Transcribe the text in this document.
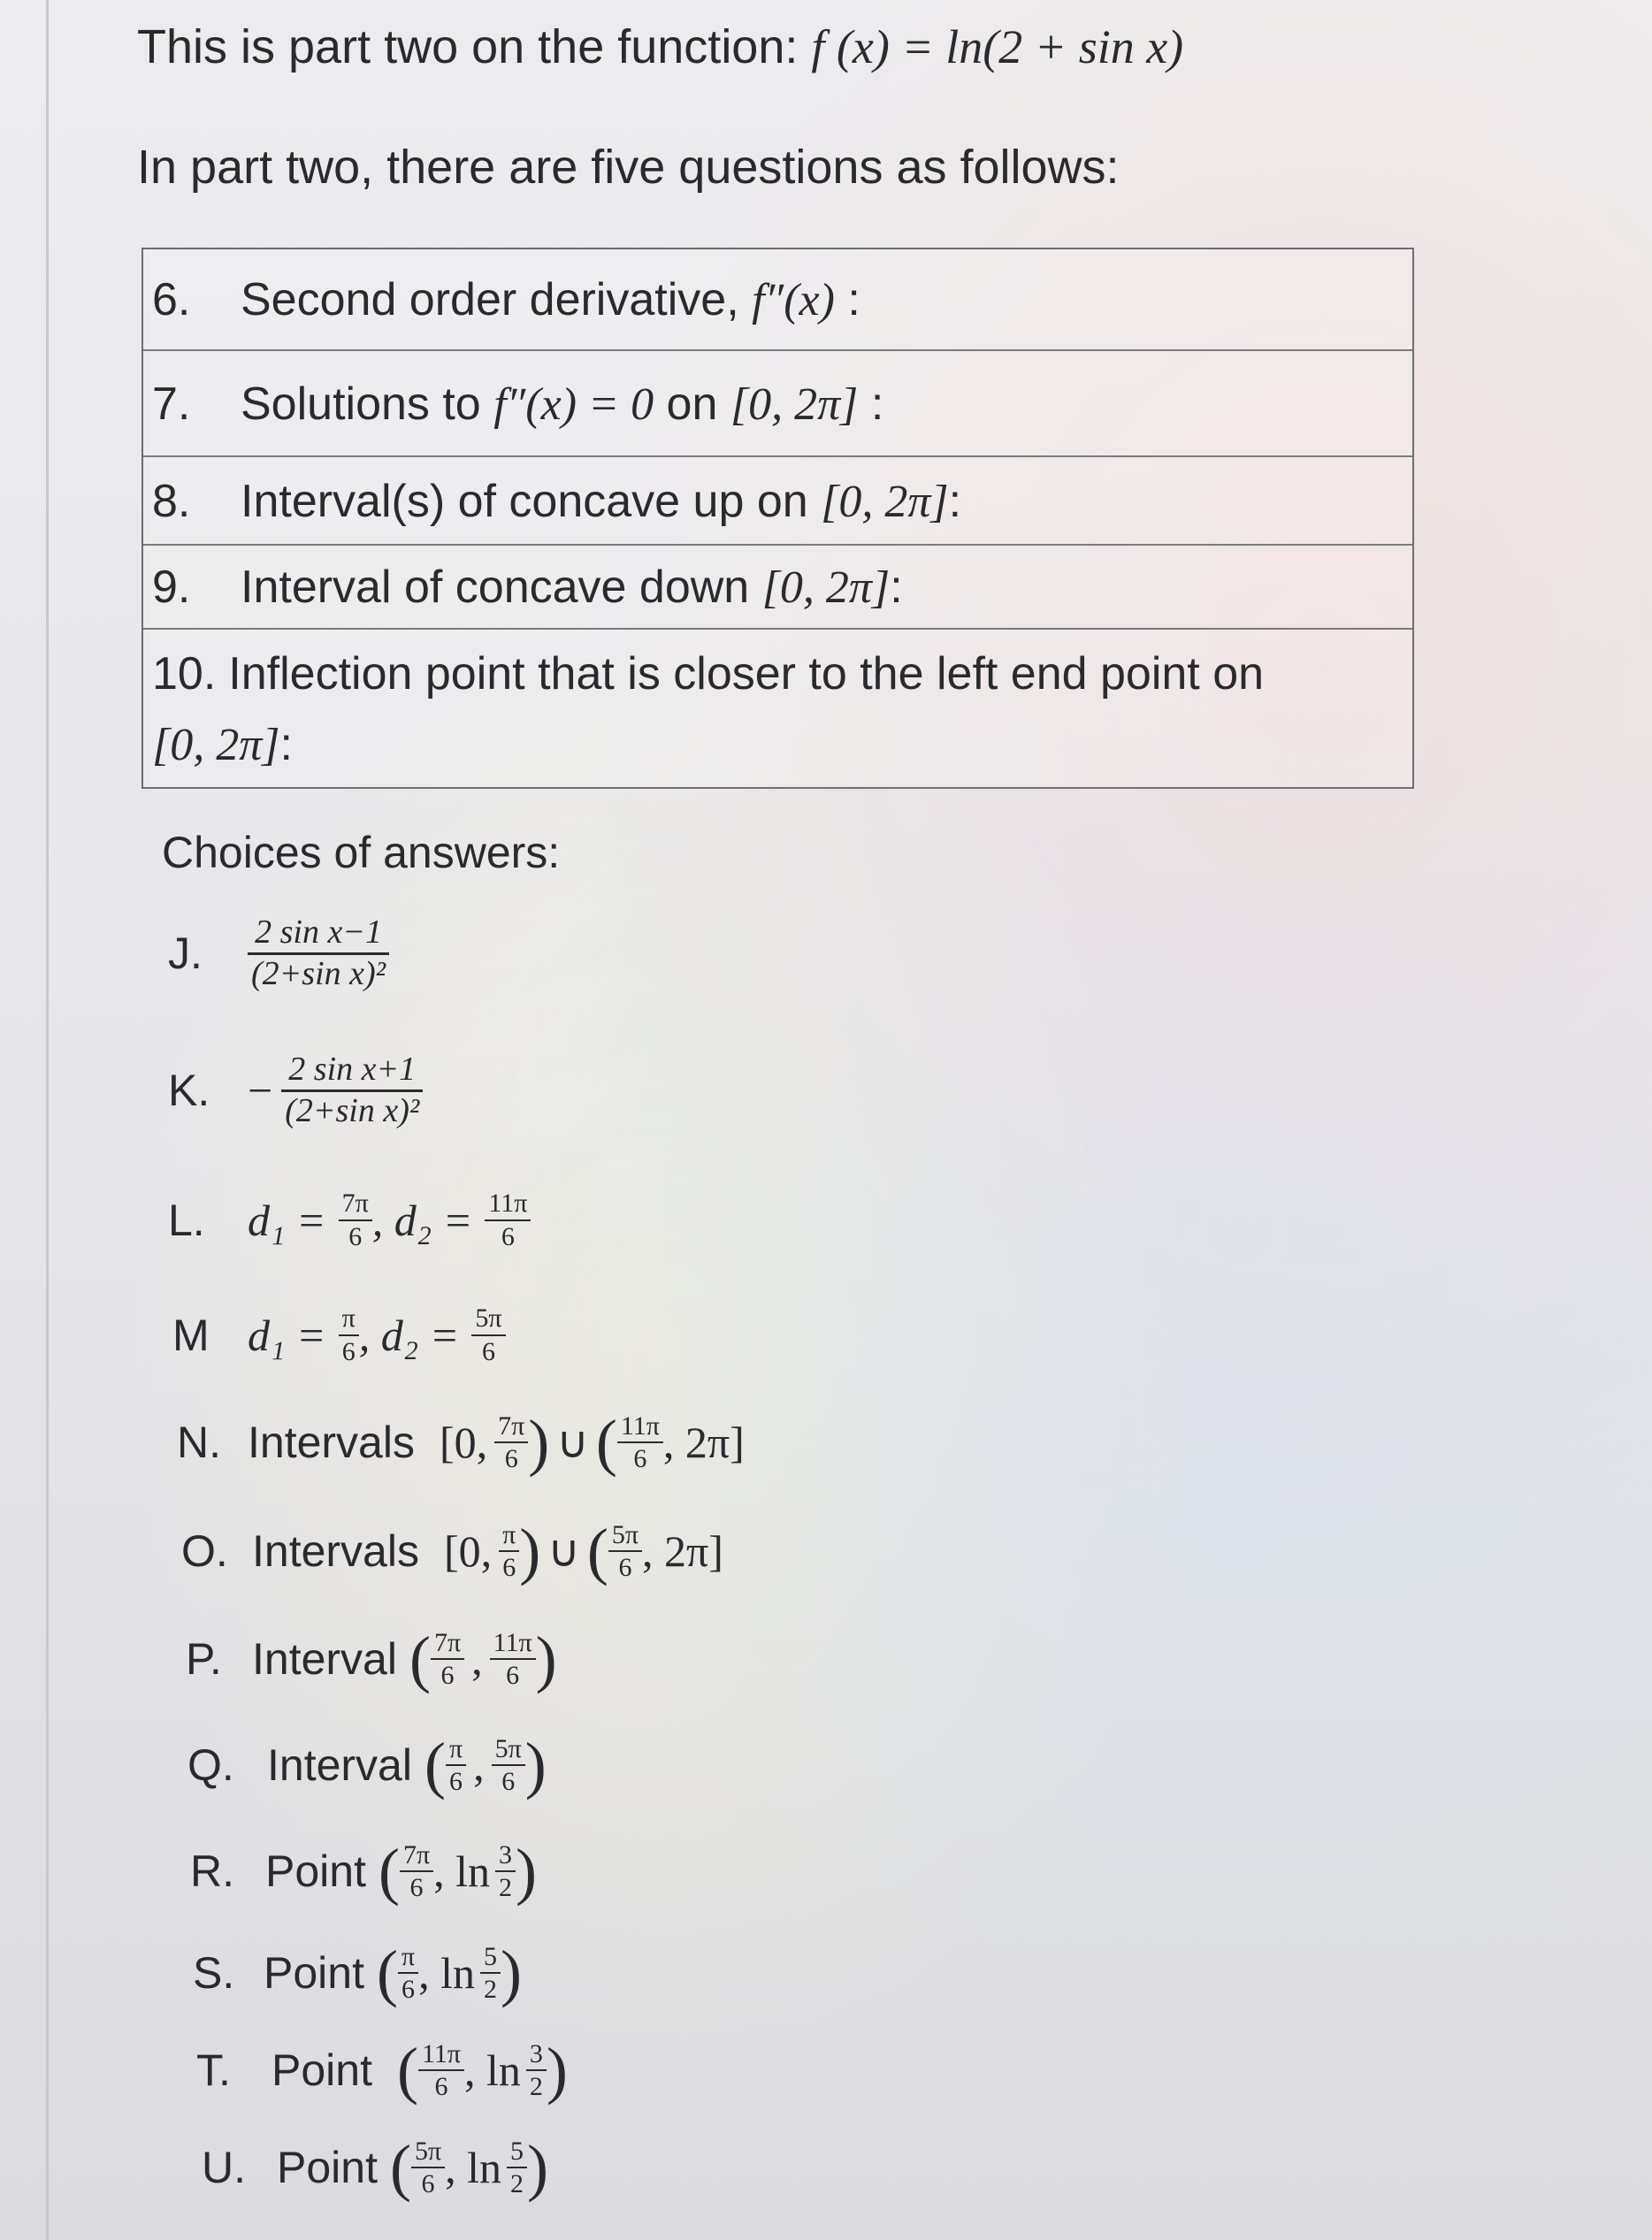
This is part two on the function: f (x) = ln(2 + sin x)
In part two, there are five questions as follows:
6. Second order derivative, f″(x) :
7. Solutions to f″(x) = 0 on [0, 2π] :
8. Interval(s) of concave up on [0, 2π]:
9. Interval of concave down [0, 2π]:
10. Inflection point that is closer to the left end point on
[0, 2π]:
Choices of answers:
J.	$\frac{\text{2 sin x−1}}{\text{(2+sin x)²}}$
K. − $\frac{\text{2 sin x+1}}{\text{(2+sin x)²}}$
L. $d_1 = \frac{7\pi}{6}$ , $d_2 = \frac{11\pi}{6}$
M $d_1 = \frac{\pi}{6}$ , $d_2 = \frac{5\pi}{6}$
N. Intervals [0, $\frac{7\pi}{6}$ ) ∪ ( $\frac{11\pi}{6}$ , 2π]
O. Intervals [0, $\frac{\pi}{6}$ ) ∪ ( $\frac{5\pi}{6}$ , 2π]
P. Interval ( $\frac{7\pi}{6}$ , $\frac{11\pi}{6}$ )
Q. Interval ( $\frac{\pi}{6}$ , $\frac{5\pi}{6}$ )
R. Point ( $\frac{7\pi}{6}$ , $\ln \frac{3}{2}$ )
S. Point ( $\frac{\pi}{6}$ , $\ln \frac{5}{2}$ )
T. Point ( $\frac{11\pi}{6}$ , $\ln \frac{3}{2}$ )
U. Point ( $\frac{5\pi}{6}$ , $\ln \frac{5}{2}$ )
